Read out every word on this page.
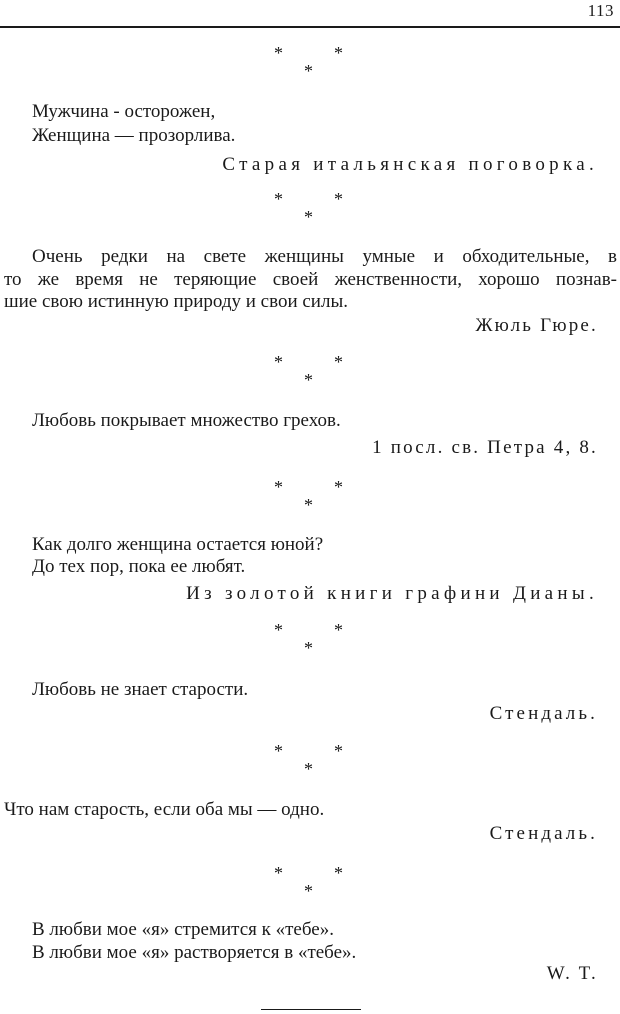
113
*	*
*
Мужчина - осторожен,
Женщина — прозорлива.
Старая итальянская поговорка.
*	*
*
Очень редки на свете женщины умные и обходительные, в
то же время не теряющие своей женственности, хорошо познав-
шие свою истинную природу и свои силы.
Жюль Гюре.
*	*
*
Любовь покрывает множество грехов.
1 посл. св. Петра 4, 8.
*	*
*
Как долго женщина остается юной?
До тех пор, пока ее любят.
Из золотой книги графини Дианы.
*	*
*
Любовь не знает старости.
Стендаль.
*	*
*
Что нам старость, если оба мы — одно.
Стендаль.
*	*
*
В любви мое «я» стремится к «тебе».
В любви мое «я» растворяется в «тебе».
W. T.
